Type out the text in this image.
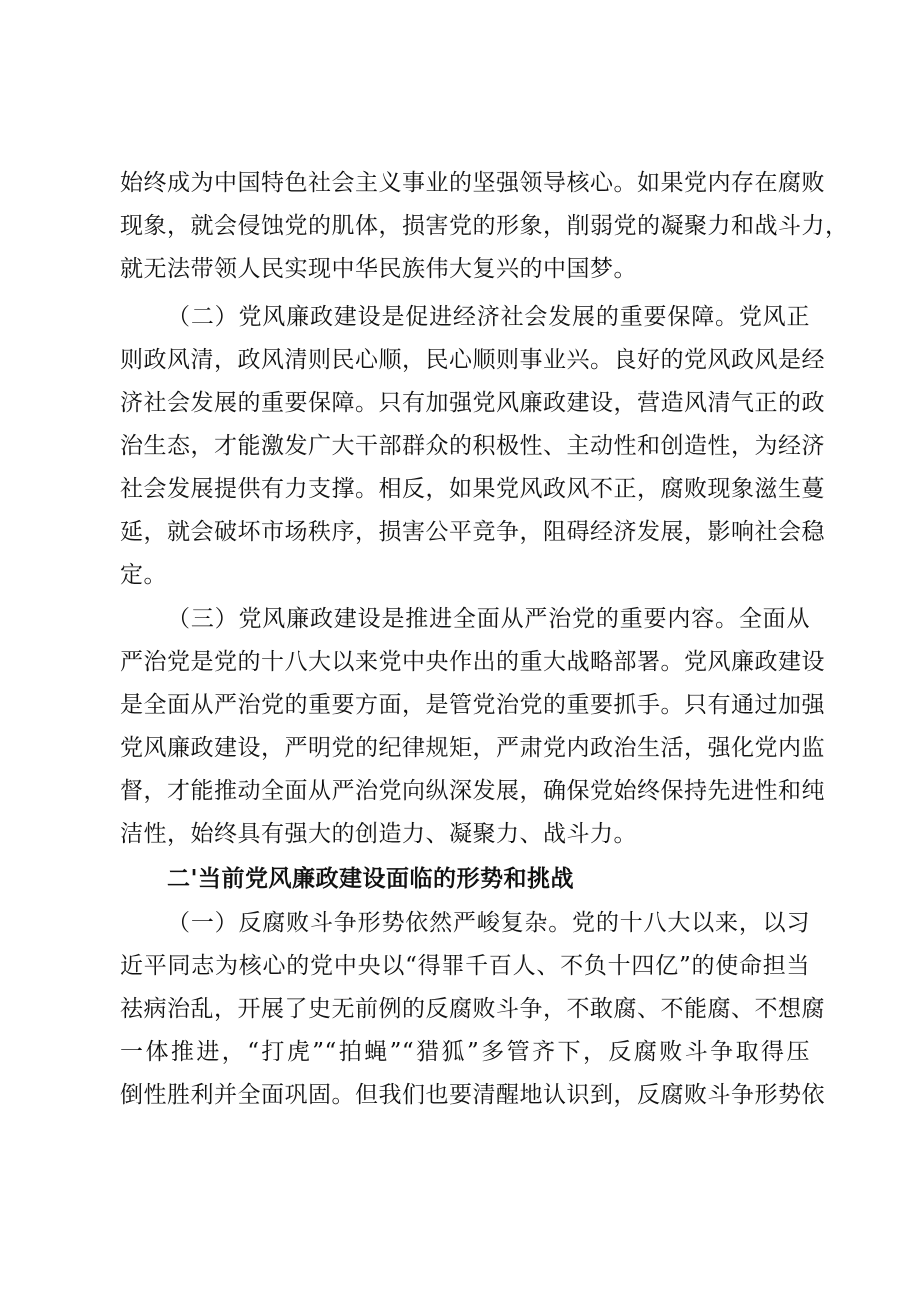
始终成为中国特色社会主义事业的坚强领导核心。如果党内存在腐败
现象，就会侵蚀党的肌体，损害党的形象，削弱党的凝聚力和战斗力，
就无法带领人民实现中华民族伟大复兴的中国梦。
（二）党风廉政建设是促进经济社会发展的重要保障。党风正
则政风清，政风清则民心顺，民心顺则事业兴。良好的党风政风是经
济社会发展的重要保障。只有加强党风廉政建设，营造风清气正的政
治生态，才能激发广大干部群众的积极性、主动性和创造性，为经济
社会发展提供有力支撑。相反，如果党风政风不正，腐败现象滋生蔓
延，就会破坏市场秩序，损害公平竞争，阻碍经济发展，影响社会稳
定。
（三）党风廉政建设是推进全面从严治党的重要内容。全面从
严治党是党的十八大以来党中央作出的重大战略部署。党风廉政建设
是全面从严治党的重要方面，是管党治党的重要抓手。只有通过加强
党风廉政建设，严明党的纪律规矩，严肃党内政治生活，强化党内监
督，才能推动全面从严治党向纵深发展，确保党始终保持先进性和纯
洁性，始终具有强大的创造力、凝聚力、战斗力。
二'当前党风廉政建设面临的形势和挑战
（一）反腐败斗争形势依然严峻复杂。党的十八大以来，以习
近平同志为核心的党中央以“得罪千百人、不负十四亿”的使命担当
祛病治乱，开展了史无前例的反腐败斗争，不敢腐、不能腐、不想腐
一体推进，“打虎”“拍蝇”“猎狐”多管齐下，反腐败斗争取得压
倒性胜利并全面巩固。但我们也要清醒地认识到，反腐败斗争形势依
